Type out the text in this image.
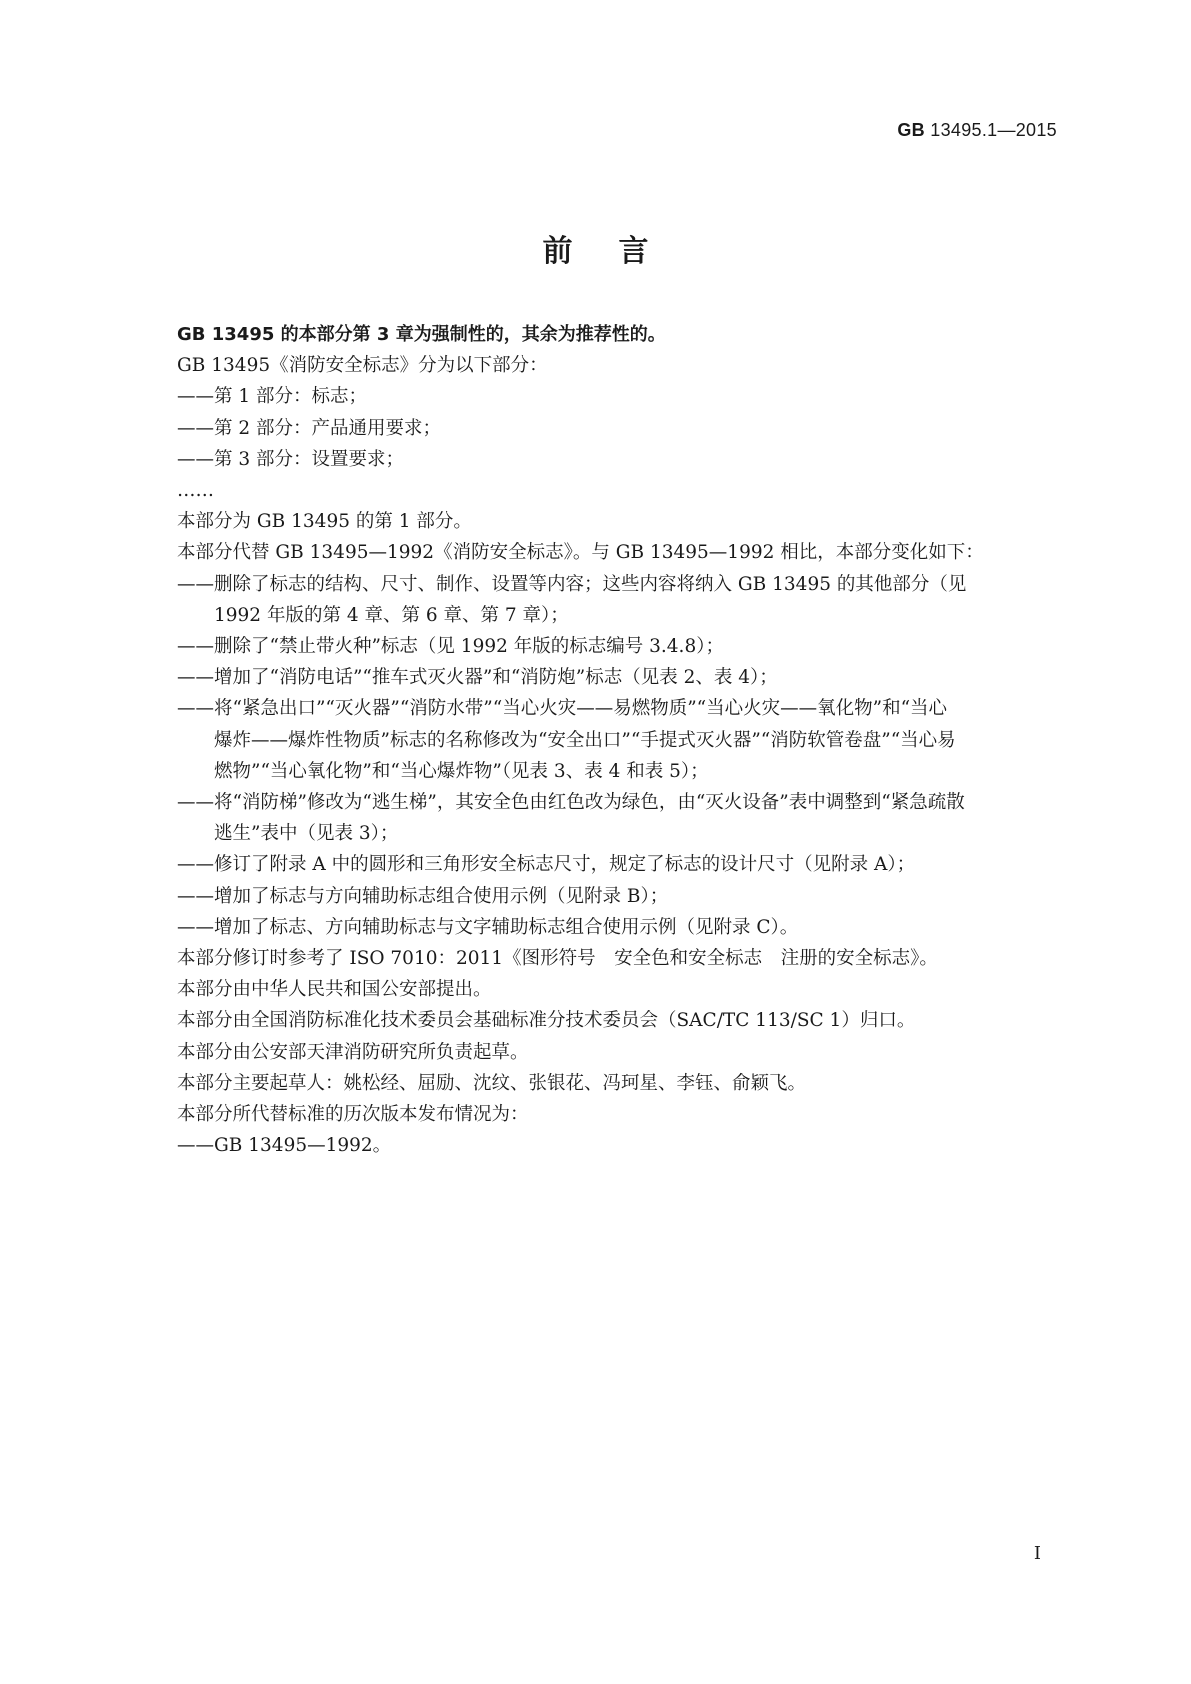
GB 13495.1—2015
前言
GB 13495 的本部分第 3 章为强制性的，其余为推荐性的。
GB 13495《消防安全标志》分为以下部分：
——第 1 部分：标志；
——第 2 部分：产品通用要求；
——第 3 部分：设置要求；
……
本部分为 GB 13495 的第 1 部分。
本部分代替 GB 13495—1992《消防安全标志》。与 GB 13495—1992 相比，本部分变化如下：
——删除了标志的结构、尺寸、制作、设置等内容；这些内容将纳入 GB 13495 的其他部分（见
1992 年版的第 4 章、第 6 章、第 7 章）；
——删除了“禁止带火种”标志（见 1992 年版的标志编号 3.4.8）；
——增加了“消防电话”“推车式灭火器”和“消防炮”标志（见表 2、表 4）；
——将“紧急出口”“灭火器”“消防水带”“当心火灾——易燃物质”“当心火灾——氧化物”和“当心
爆炸——爆炸性物质”标志的名称修改为“安全出口”“手提式灭火器”“消防软管卷盘”“当心易
燃物”“当心氧化物”和“当心爆炸物”（见表 3、表 4 和表 5）；
——将“消防梯”修改为“逃生梯”，其安全色由红色改为绿色，由“灭火设备”表中调整到“紧急疏散
逃生”表中（见表 3）；
——修订了附录 A 中的圆形和三角形安全标志尺寸，规定了标志的设计尺寸（见附录 A）；
——增加了标志与方向辅助标志组合使用示例（见附录 B）；
——增加了标志、方向辅助标志与文字辅助标志组合使用示例（见附录 C）。
本部分修订时参考了 ISO 7010：2011《图形符号　安全色和安全标志　注册的安全标志》。
本部分由中华人民共和国公安部提出。
本部分由全国消防标准化技术委员会基础标准分技术委员会（SAC/TC 113/SC 1）归口。
本部分由公安部天津消防研究所负责起草。
本部分主要起草人：姚松经、屈励、沈纹、张银花、冯珂星、李钰、俞颖飞。
本部分所代替标准的历次版本发布情况为：
——GB 13495—1992。
I
